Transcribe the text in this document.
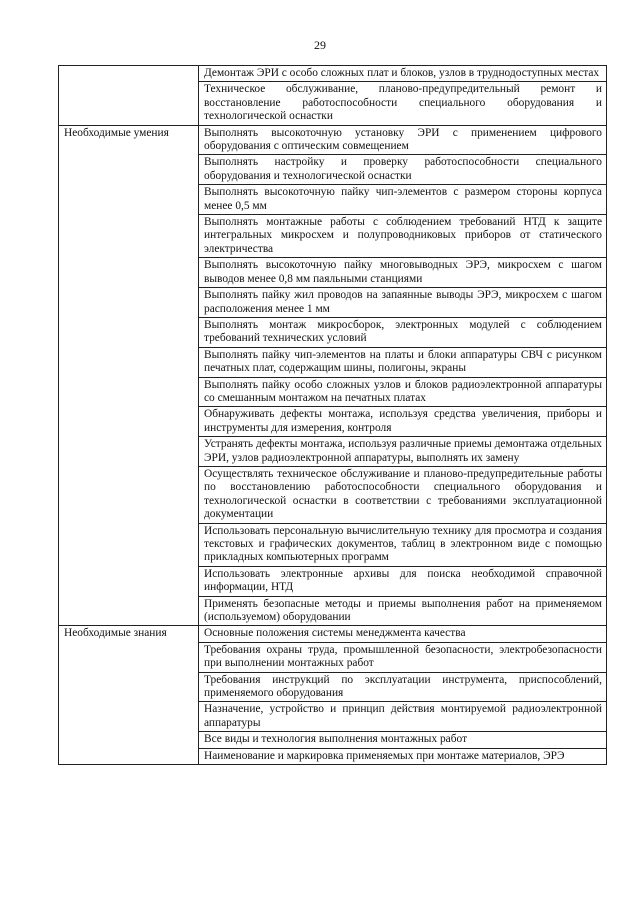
29
	Демонтаж ЭРИ с особо сложных плат и блоков, узлов в труднодоступных местах
	Техническое обслуживание, планово-предупредительный ремонт и восстановление работоспособности специального оборудования и технологической оснастки
Необходимые умения	Выполнять высокоточную установку ЭРИ с применением цифрового оборудования с оптическим совмещением
	Выполнять настройку и проверку работоспособности специального оборудования и технологической оснастки
	Выполнять высокоточную пайку чип-элементов с размером стороны корпуса менее 0,5 мм
	Выполнять монтажные работы с соблюдением требований НТД к защите интегральных микросхем и полупроводниковых приборов от статического электричества
	Выполнять высокоточную пайку многовыводных ЭРЭ, микросхем с шагом выводов менее 0,8 мм паяльными станциями
	Выполнять пайку жил проводов на запаянные выводы ЭРЭ, микросхем с шагом расположения менее 1 мм
	Выполнять монтаж микросборок, электронных модулей с соблюдением требований технических условий
	Выполнять пайку чип-элементов на платы и блоки аппаратуры СВЧ с рисунком печатных плат, содержащим шины, полигоны, экраны
	Выполнять пайку особо сложных узлов и блоков радиоэлектронной аппаратуры со смешанным монтажом на печатных платах
	Обнаруживать дефекты монтажа, используя средства увеличения, приборы и инструменты для измерения, контроля
	Устранять дефекты монтажа, используя различные приемы демонтажа отдельных ЭРИ, узлов радиоэлектронной аппаратуры, выполнять их замену
	Осуществлять техническое обслуживание и планово-предупредительные работы по восстановлению работоспособности специального оборудования и технологической оснастки в соответствии с требованиями эксплуатационной документации
	Использовать персональную вычислительную технику для просмотра и создания текстовых и графических документов, таблиц в электронном виде с помощью прикладных компьютерных программ
	Использовать электронные архивы для поиска необходимой справочной информации, НТД
	Применять безопасные методы и приемы выполнения работ на применяемом (используемом) оборудовании
Необходимые знания	Основные положения системы менеджмента качества
	Требования охраны труда, промышленной безопасности, электробезопасности при выполнении монтажных работ
	Требования инструкций по эксплуатации инструмента, приспособлений, применяемого оборудования
	Назначение, устройство и принцип действия монтируемой радиоэлектронной аппаратуры
	Все виды и технология выполнения монтажных работ
	Наименование и маркировка применяемых при монтаже материалов, ЭРЭ
